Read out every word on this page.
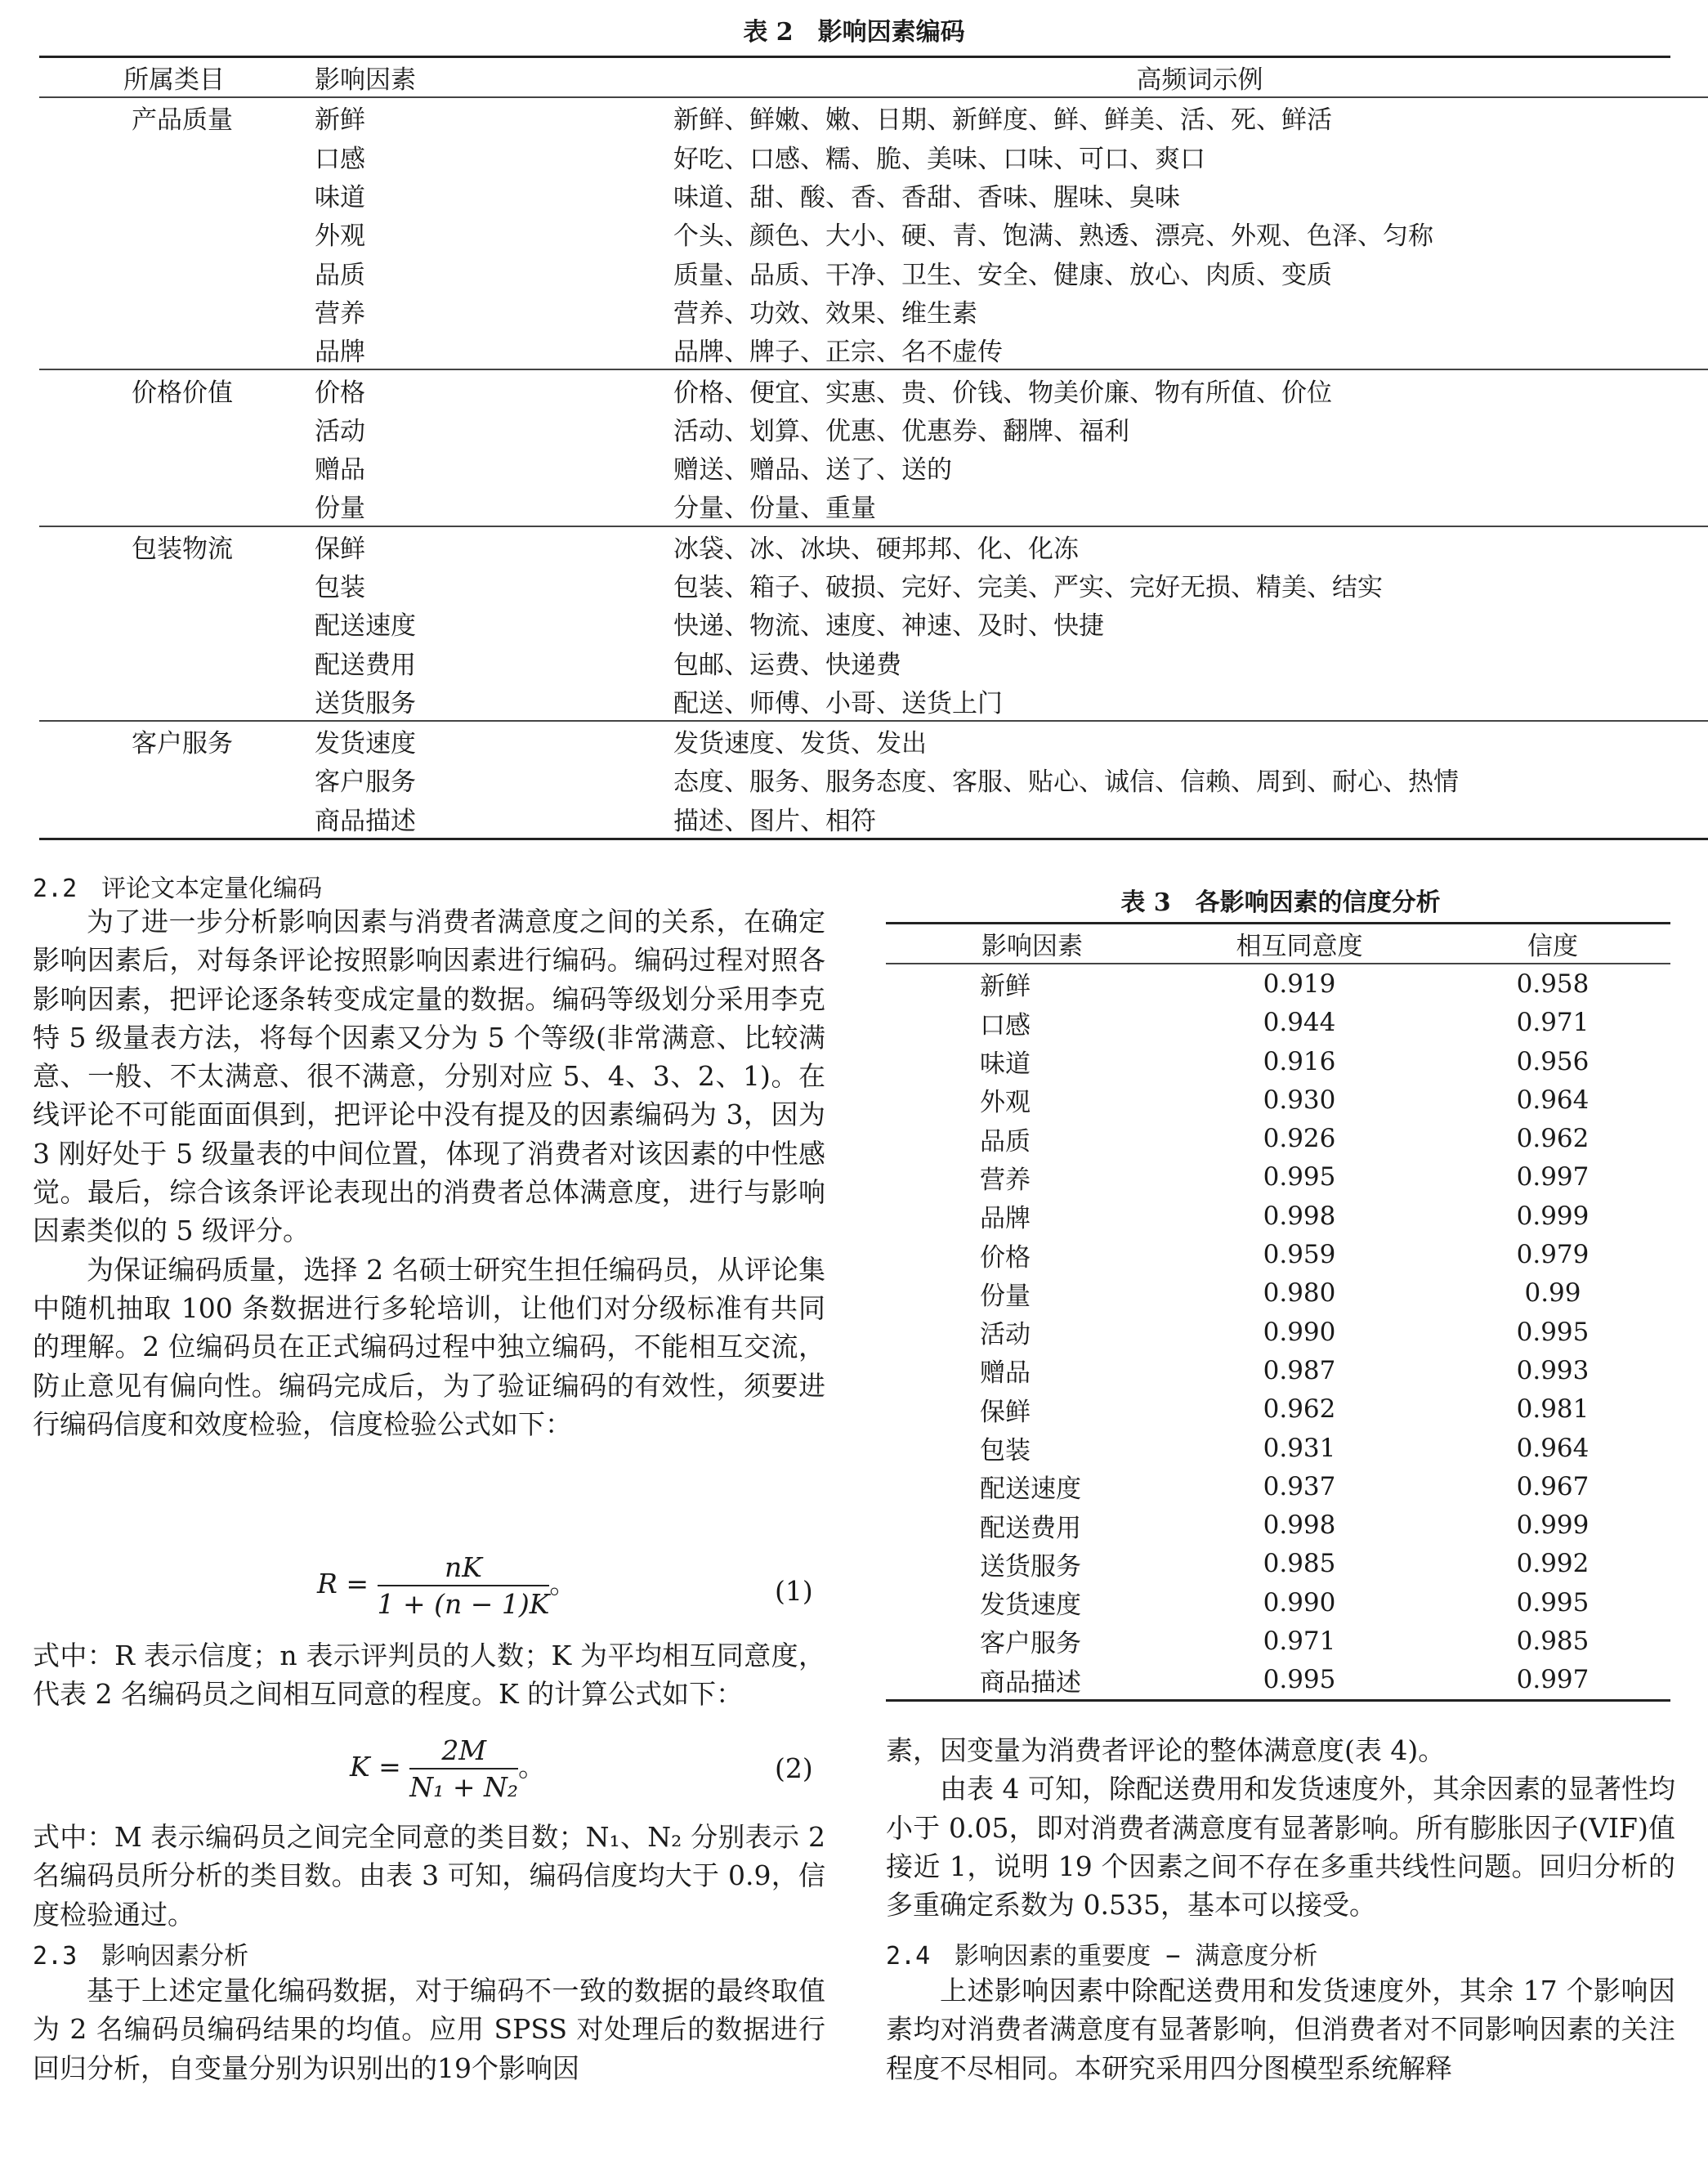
表 2　影响因素编码
所属类目	影响因素	高频词示例
产品质量	新鲜	新鲜、鲜嫩、嫩、日期、新鲜度、鲜、鲜美、活、死、鲜活
	口感	好吃、口感、糯、脆、美味、口味、可口、爽口
	味道	味道、甜、酸、香、香甜、香味、腥味、臭味
	外观	个头、颜色、大小、硬、青、饱满、熟透、漂亮、外观、色泽、匀称
	品质	质量、品质、干净、卫生、安全、健康、放心、肉质、变质
	营养	营养、功效、效果、维生素
	品牌	品牌、牌子、正宗、名不虚传
价格价值	价格	价格、便宜、实惠、贵、价钱、物美价廉、物有所值、价位
	活动	活动、划算、优惠、优惠券、翻牌、福利
	赠品	赠送、赠品、送了、送的
	份量	分量、份量、重量
包装物流	保鲜	冰袋、冰、冰块、硬邦邦、化、化冻
	包装	包装、箱子、破损、完好、完美、严实、完好无损、精美、结实
	配送速度	快递、物流、速度、神速、及时、快捷
	配送费用	包邮、运费、快递费
	送货服务	配送、师傅、小哥、送货上门
客户服务	发货速度	发货速度、发货、发出
	客户服务	态度、服务、服务态度、客服、贴心、诚信、信赖、周到、耐心、热情
	商品描述	描述、图片、相符
2.2　评论文本定量化编码

为了进一步分析影响因素与消费者满意度之间的关系，在确定影响因素后，对每条评论按照影响因素进行编码。编码过程对照各影响因素，把评论逐条转变成定量的数据。编码等级划分采用李克特 5 级量表方法，将每个因素又分为 5 个等级(非常满意、比较满意、一般、不太满意、很不满意，分别对应 5、4、3、2、1)。在线评论不可能面面俱到，把评论中没有提及的因素编码为 3，因为 3 刚好处于 5 级量表的中间位置，体现了消费者对该因素的中性感觉。最后，综合该条评论表现出的消费者总体满意度，进行与影响因素类似的 5 级评分。

为保证编码质量，选择 2 名硕士研究生担任编码员，从评论集中随机抽取 100 条数据进行多轮培训，让他们对分级标准有共同的理解。2 位编码员在正式编码过程中独立编码，不能相互交流，防止意见有偏向性。编码完成后，为了验证编码的有效性，须要进行编码信度和效度检验，信度检验公式如下：

$R = \frac{nK}{1 + (n - 1)K}$ 。	(1)

式中：R 表示信度；n 表示评判员的人数；K 为平均相互同意度，代表 2 名编码员之间相互同意的程度。K 的计算公式如下：

$K = \frac{2M}{\text{N₁ + N₂}}$ 。	(2)

式中：M 表示编码员之间完全同意的类目数；N₁、N₂ 分别表示 2 名编码员所分析的类目数。由表 3 可知，编码信度均大于 0.9，信度检验通过。

2.3　影响因素分析

基于上述定量化编码数据，对于编码不一致的数据的最终取值为 2 名编码员编码结果的均值。应用 SPSS 对处理后的数据进行回归分析，自变量分别为识别出的19个影响因

表 3　各影响因素的信度分析
影响因素	相互同意度	信度
新鲜	0.919	0.958
口感	0.944	0.971
味道	0.916	0.956
外观	0.930	0.964
品质	0.926	0.962
营养	0.995	0.997
品牌	0.998	0.999
价格	0.959	0.979
份量	0.980	0.99
活动	0.990	0.995
赠品	0.987	0.993
保鲜	0.962	0.981
包装	0.931	0.964
配送速度	0.937	0.967
配送费用	0.998	0.999
送货服务	0.985	0.992
发货速度	0.990	0.995
客户服务	0.971	0.985
商品描述	0.995	0.997

素，因变量为消费者评论的整体满意度(表 4)。

由表 4 可知，除配送费用和发货速度外，其余因素的显著性均小于 0.05，即对消费者满意度有显著影响。所有膨胀因子(VIF)值接近 1，说明 19 个因素之间不存在多重共线性问题。回归分析的多重确定系数为 0.535，基本可以接受。

2.4　影响因素的重要度 − 满意度分析

上述影响因素中除配送费用和发货速度外，其余 17 个影响因素均对消费者满意度有显著影响，但消费者对不同影响因素的关注程度不尽相同。本研究采用四分图模型系统解释
